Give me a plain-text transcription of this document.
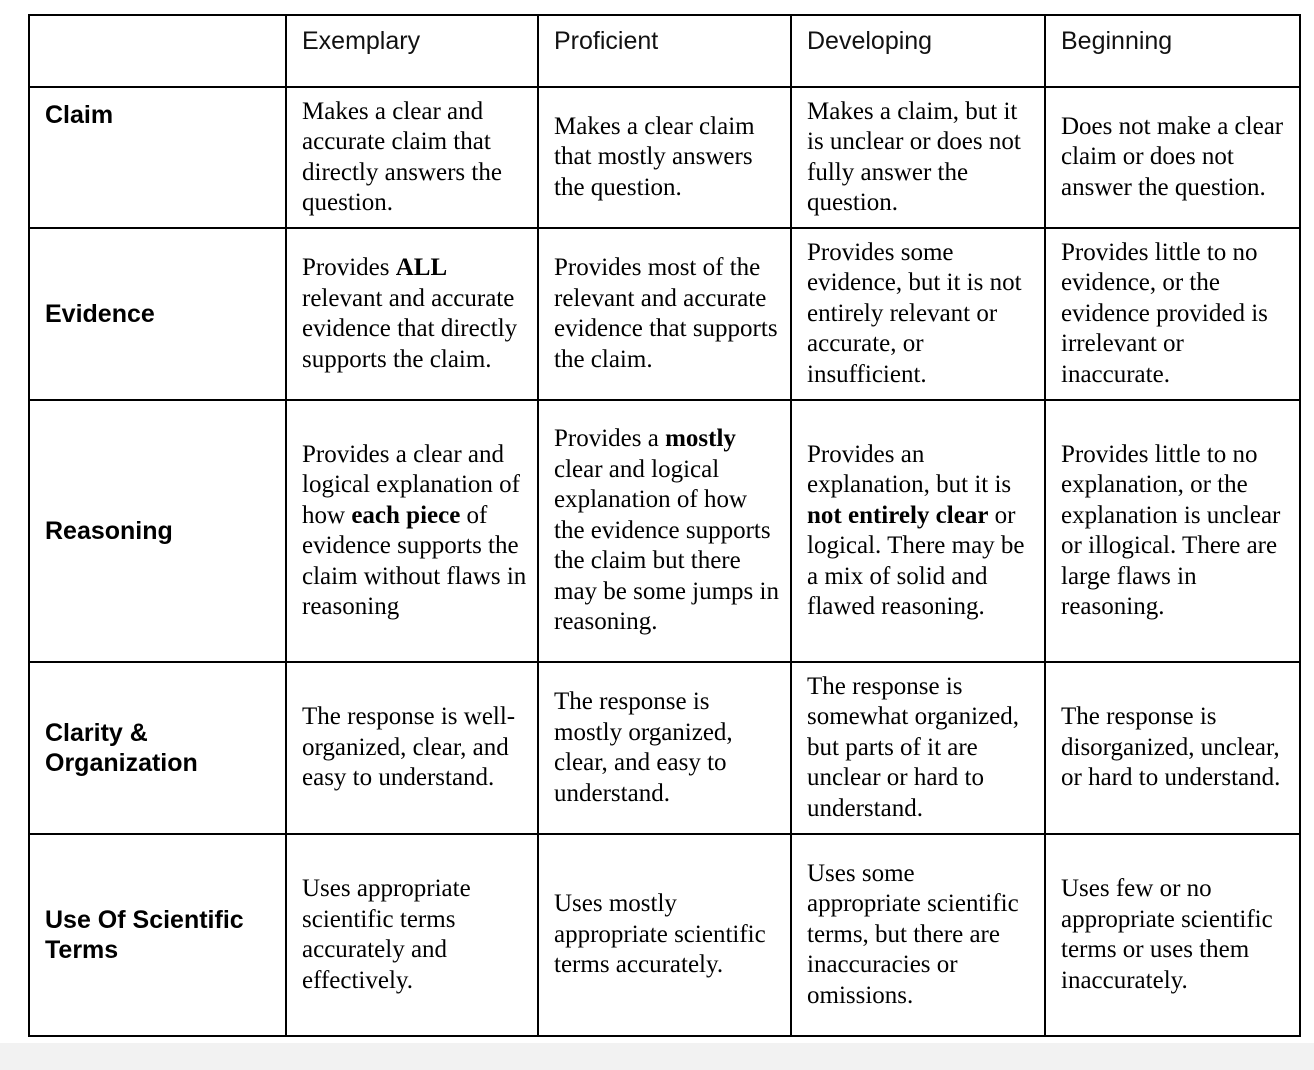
	Exemplary	Proficient	Developing	Beginning
Claim	Makes a clear and accurate claim that directly answers the question.	Makes a clear claim that mostly answers the question.	Makes a claim, but it is unclear or does not fully answer the question.	Does not make a clear claim or does not answer the question.
Evidence	Provides ALL relevant and accurate evidence that directly supports the claim.	Provides most of the relevant and accurate evidence that supports the claim.	Provides some evidence, but it is not entirely relevant or accurate, or insufficient.	Provides little to no evidence, or the evidence provided is irrelevant or inaccurate.
Reasoning	Provides a clear and logical explanation of how each piece of evidence supports the claim without flaws in reasoning	Provides a mostly clear and logical explanation of how the evidence supports the claim but there may be some jumps in reasoning.	Provides an explanation, but it is not entirely clear or logical. There may be a mix of solid and flawed reasoning.	Provides little to no explanation, or the explanation is unclear or illogical. There are large flaws in reasoning.
Clarity & Organization	The response is well-organized, clear, and easy to understand.	The response is mostly organized, clear, and easy to understand.	The response is somewhat organized, but parts of it are unclear or hard to understand.	The response is disorganized, unclear, or hard to understand.
Use Of Scientific Terms	Uses appropriate scientific terms accurately and effectively.	Uses mostly appropriate scientific terms accurately.	Uses some appropriate scientific terms, but there are inaccuracies or omissions.	Uses few or no appropriate scientific terms or uses them inaccurately.
